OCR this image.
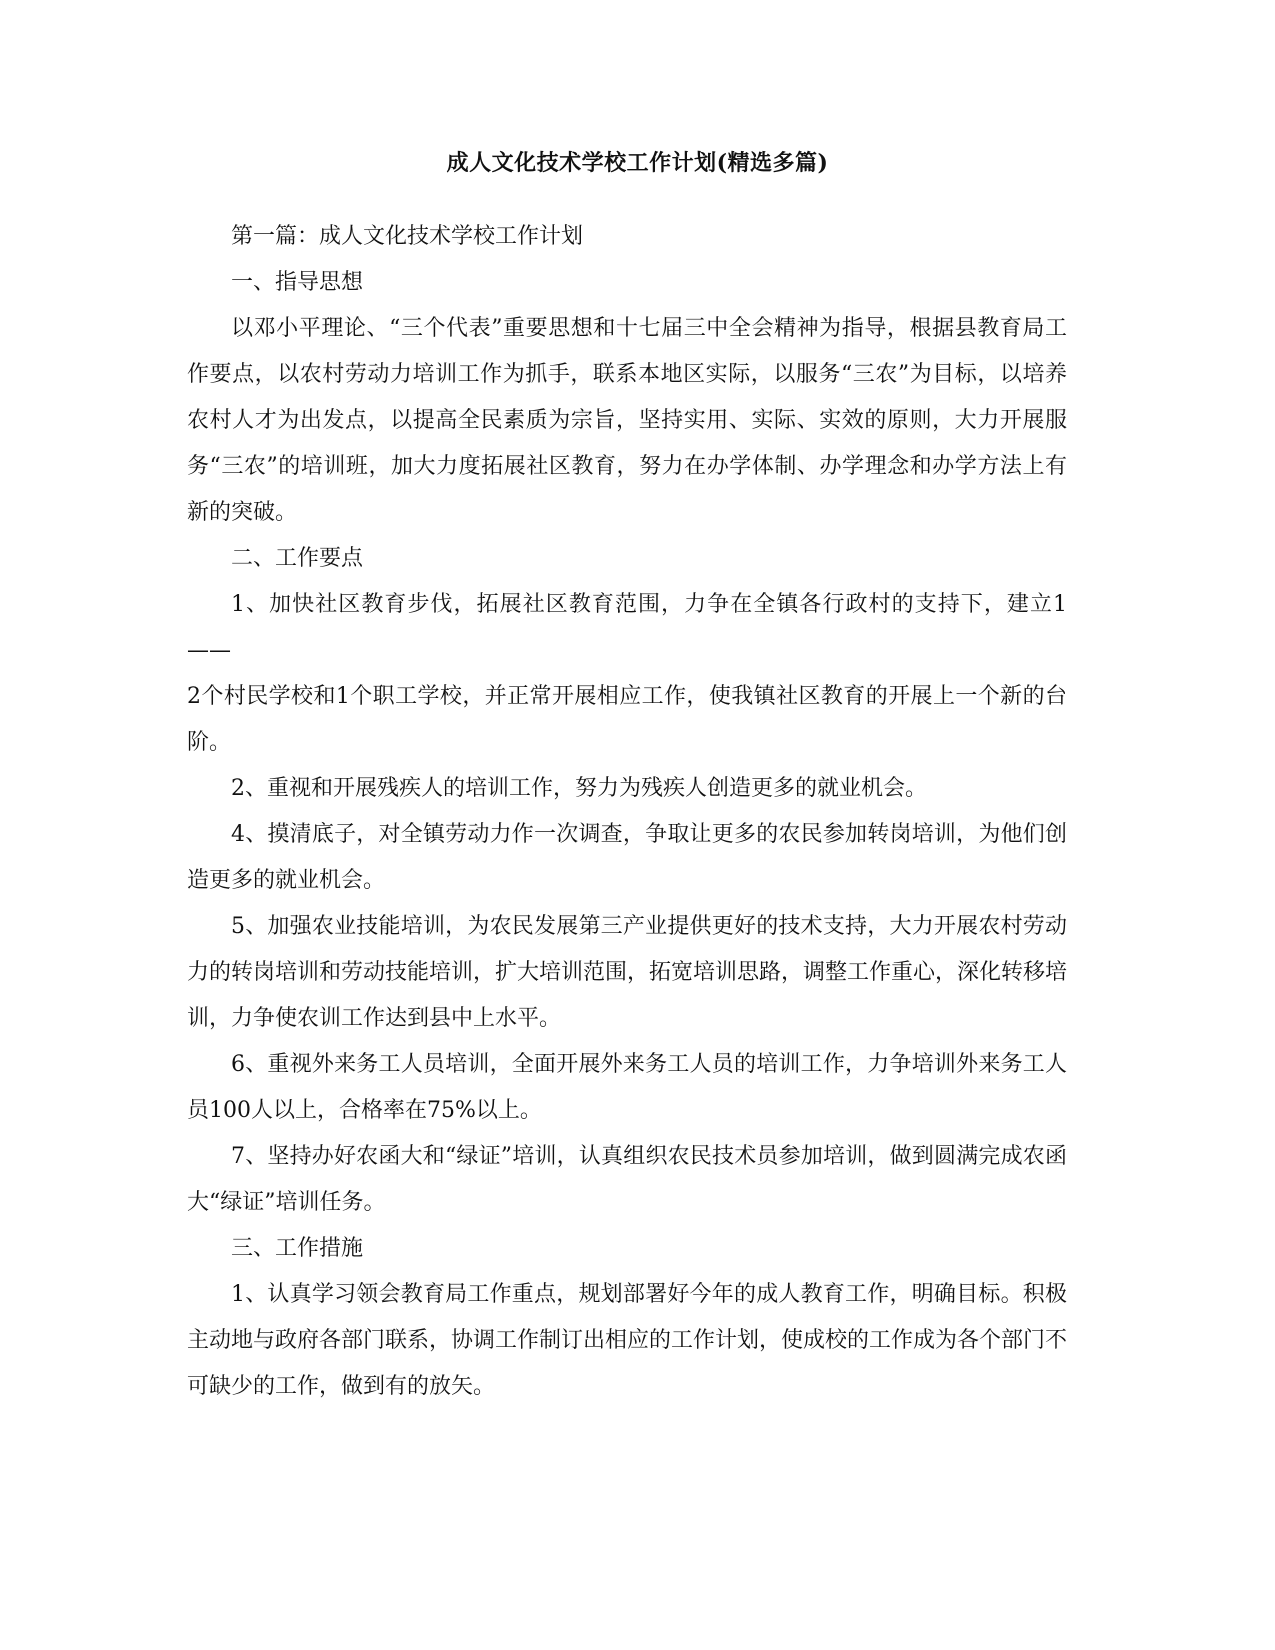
成人文化技术学校工作计划(精选多篇)

第一篇：成人文化技术学校工作计划

一、指导思想

以邓小平理论、“三个代表”重要思想和十七届三中全会精神为指导，根据县教育局工作要点，以农村劳动力培训工作为抓手，联系本地区实际，以服务“三农”为目标，以培养农村人才为出发点，以提高全民素质为宗旨，坚持实用、实际、实效的原则，大力开展服务“三农”的培训班，加大力度拓展社区教育，努力在办学体制、办学理念和办学方法上有新的突破。

二、工作要点

1、加快社区教育步伐，拓展社区教育范围，力争在全镇各行政村的支持下，建立1——

2个村民学校和1个职工学校，并正常开展相应工作，使我镇社区教育的开展上一个新的台阶。

2、重视和开展残疾人的培训工作，努力为残疾人创造更多的就业机会。

4、摸清底子，对全镇劳动力作一次调查，争取让更多的农民参加转岗培训，为他们创造更多的就业机会。

5、加强农业技能培训，为农民发展第三产业提供更好的技术支持，大力开展农村劳动力的转岗培训和劳动技能培训，扩大培训范围，拓宽培训思路，调整工作重心，深化转移培训，力争使农训工作达到县中上水平。

6、重视外来务工人员培训，全面开展外来务工人员的培训工作，力争培训外来务工人员100人以上，合格率在75%以上。

7、坚持办好农函大和“绿证”培训，认真组织农民技术员参加培训，做到圆满完成农函大“绿证”培训任务。

三、工作措施

1、认真学习领会教育局工作重点，规划部署好今年的成人教育工作，明确目标。积极主动地与政府各部门联系，协调工作制订出相应的工作计划，使成校的工作成为各个部门不可缺少的工作，做到有的放矢。
